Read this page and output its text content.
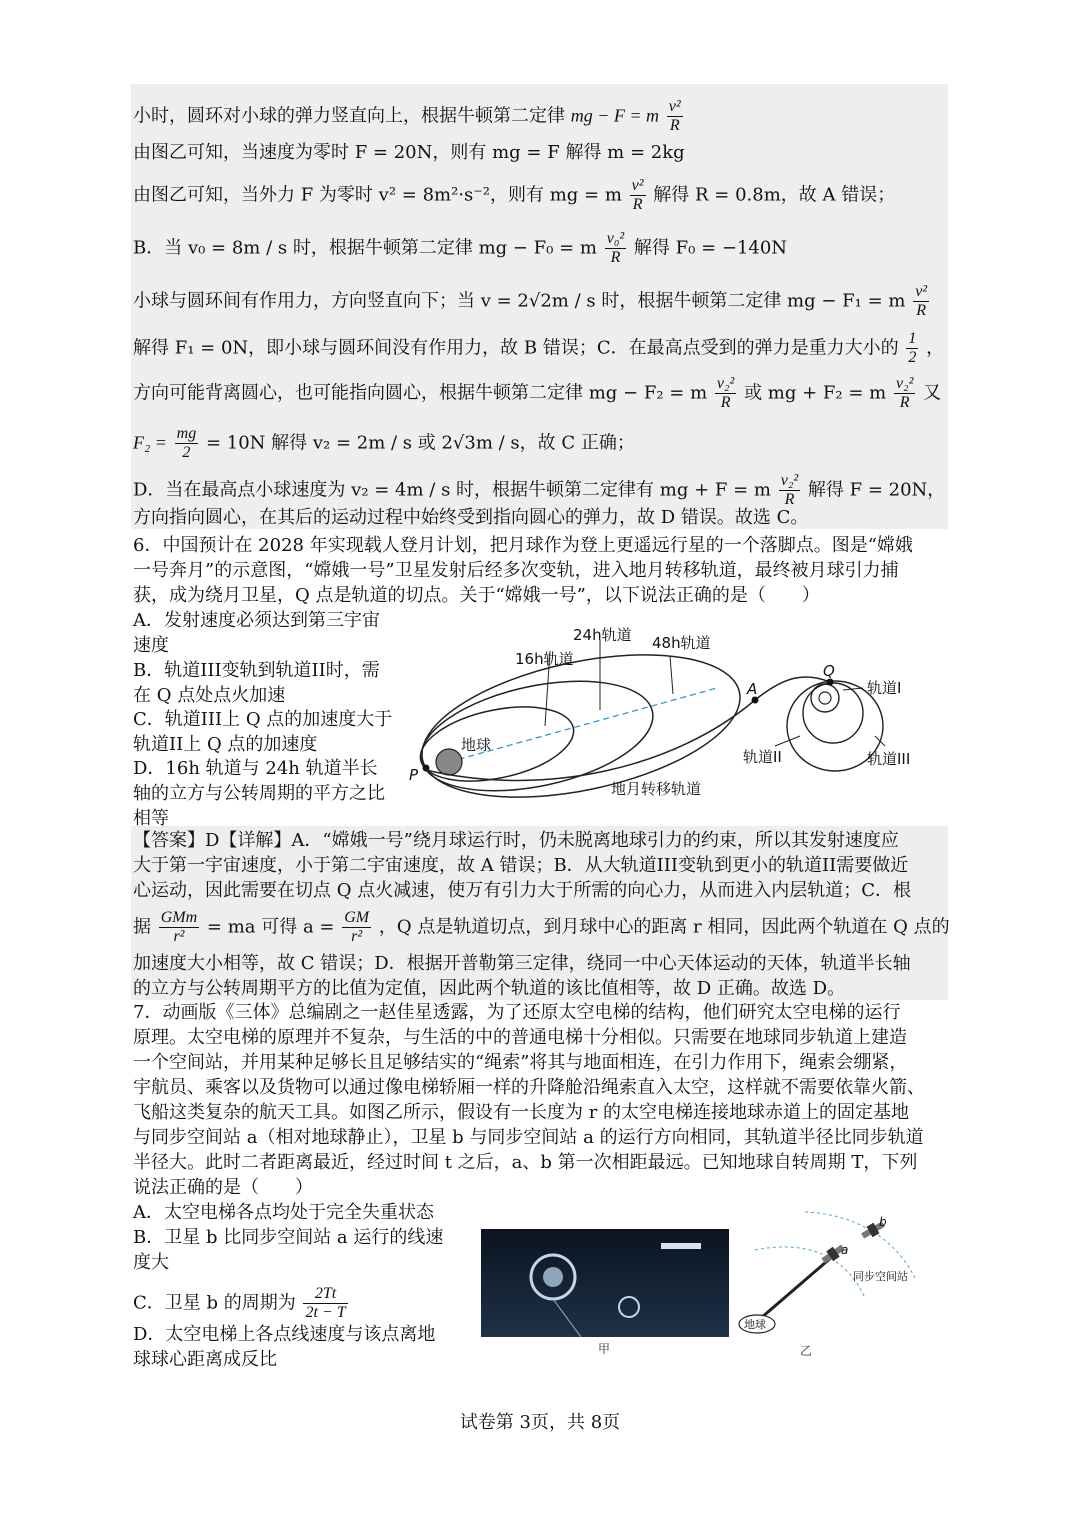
小时，圆环对小球的弹力竖直向上，根据牛顿第二定律 mg − F = m $\frac{\text{v²}}{R}$
由图乙可知，当速度为零时 F = 20N，则有 mg = F 解得 m = 2kg
由图乙可知，当外力 F 为零时 v² = 8m²·s⁻²，则有 mg = m $\frac{\text{v²}}{R}$ 解得 R = 0.8m，故 A 错误；
B．当 v₀ = 8m / s 时，根据牛顿第二定律 mg − F₀ = m $\frac{\text{v₀²}}{R}$ 解得 F₀ = −140N
小球与圆环间有作用力，方向竖直向下；当 v = 2√2m / s 时，根据牛顿第二定律 mg − F₁ = m $\frac{\text{v²}}{R}$
解得 F₁ = 0N，即小球与圆环间没有作用力，故 B 错误；C．在最高点受到的弹力是重力大小的 $\frac{1}{2}$ ，
方向可能背离圆心，也可能指向圆心，根据牛顿第二定律 mg − F₂ = m $\frac{\text{v₂²}}{R}$ 或 mg + F₂ = m $\frac{\text{v₂²}}{R}$ 又
$F_2 = \frac{mg}{2} = 10N$ 解得 v₂ = 2m / s 或 2√3m / s，故 C 正确；
D．当在最高点小球速度为 v₂ = 4m / s 时，根据牛顿第二定律有 mg + F = m $\frac{\text{v₂²}}{R}$ 解得 F = 20N，
方向指向圆心，在其后的运动过程中始终受到指向圆心的弹力，故 D 错误。故选 C。
6．中国预计在 2028 年实现载人登月计划，把月球作为登上更遥远行星的一个落脚点。图是“嫦娥
一号奔月”的示意图，“嫦娥一号”卫星发射后经多次变轨，进入地月转移轨道，最终被月球引力捕
获，成为绕月卫星，Q 点是轨道的切点。关于“嫦娥一号”，以下说法正确的是（　　）
A．发射速度必须达到第三宇宙速度
B．轨道III变轨到轨道II时，需在 Q 点处点火加速
C．轨道III上 Q 点的加速度大于轨道II上 Q 点的加速度
D．16h 轨道与 24h 轨道半长轴的立方与公转周期的平方之比相等
24h轨道 48h轨道
16h轨道
地球
P
A
Q
轨道I
轨道II	轨道III
地月转移轨道
【答案】D【详解】A．“嫦娥一号”绕月球运行时，仍未脱离地球引力的约束，所以其发射速度应
大于第一宇宙速度，小于第二宇宙速度，故 A 错误；B．从大轨道III变轨到更小的轨道II需要做近
心运动，因此需要在切点 Q 点火减速，使万有引力大于所需的向心力，从而进入内层轨道；C．根
据 $\frac{\text{GMm}}{\text{r²}}$ = ma 可得 $a = \frac{GM}{\text{r²}}$ ，Q 点是轨道切点，到月球中心的距离 r 相同，因此两个轨道在 Q 点的
加速度大小相等，故 C 错误；D．根据开普勒第三定律，绕同一中心天体运动的天体，轨道半长轴
的立方与公转周期平方的比值为定值，因此两个轨道的该比值相等，故 D 正确。故选 D。
7．动画版《三体》总编剧之一赵佳星透露，为了还原太空电梯的结构，他们研究太空电梯的运行
原理。太空电梯的原理并不复杂，与生活的中的普通电梯十分相似。只需要在地球同步轨道上建造
一个空间站，并用某种足够长且足够结实的“绳索”将其与地面相连，在引力作用下，绳索会绷紧，
宇航员、乘客以及货物可以通过像电梯轿厢一样的升降舱沿绳索直入太空，这样就不需要依靠火箭、
飞船这类复杂的航天工具。如图乙所示，假设有一长度为 r 的太空电梯连接地球赤道上的固定基地
与同步空间站 a（相对地球静止），卫星 b 与同步空间站 a 的运行方向相同，其轨道半径比同步轨道
半径大。此时二者距离最近，经过时间 t 之后，a、b 第一次相距最远。已知地球自转周期 T，下列
说法正确的是（　　）
A．太空电梯各点均处于完全失重状态
B．卫星 b 比同步空间站 a 运行的线速
度大
C．卫星 b 的周期为 $\frac{2Tt}{2t - T}$
D．太空电梯上各点线速度与该点离地
球球心距离成反比	甲
地球
b
a
同步空间站
乙
试卷第 3页，共 8页
